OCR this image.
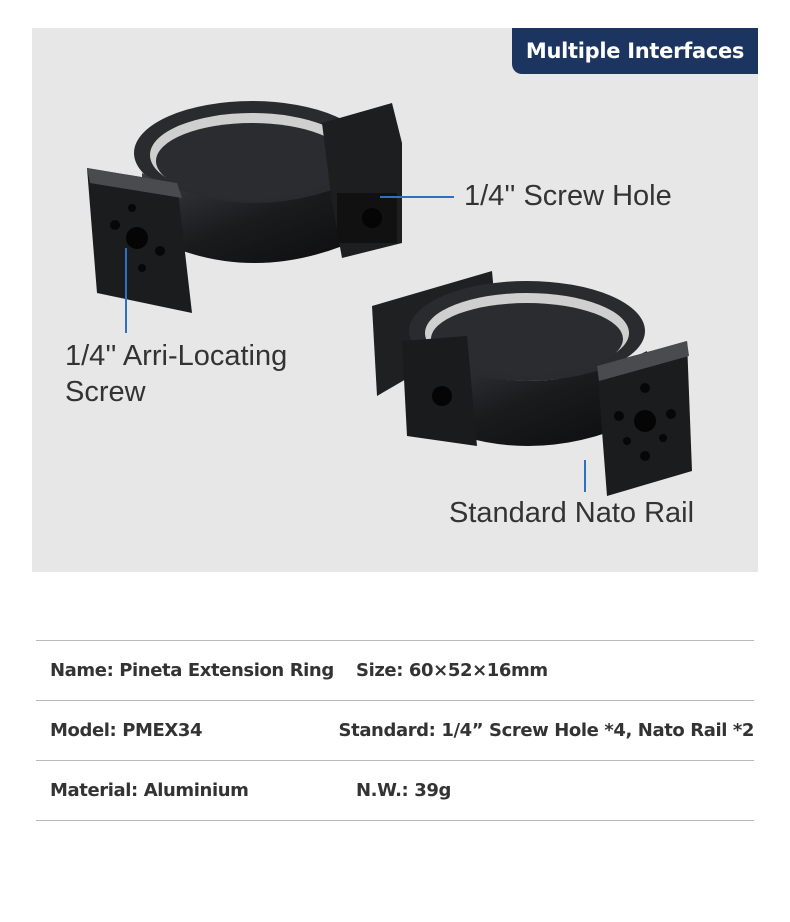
Multiple Interfaces
1/4'' Screw Hole
1/4'' Arri-Locating
Screw
Standard Nato Rail
Name: Pineta Extension Ring	Size: 60×52×16mm
Model: PMEX34	Standard: 1/4” Screw Hole *4, Nato Rail *2
Material: Aluminium	N.W.: 39g
